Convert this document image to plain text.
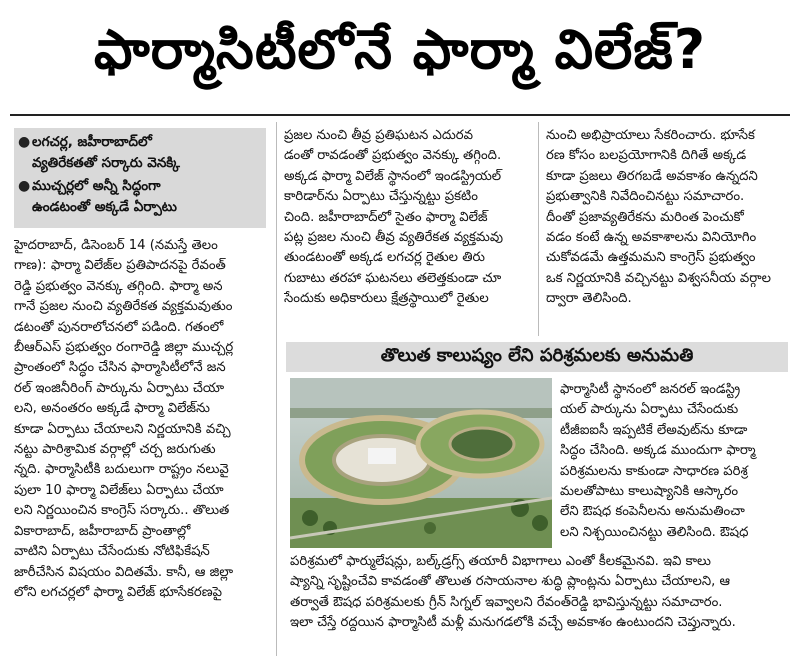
ఫార్మాసిటీలోనే ఫార్మా విలేజ్?
● లగచర్ల, జహీరాబాద్‌లో
వ్యతిరేకతతో సర్కారు వెనక్కి
● ముచ్చర్లలో అన్నీ సిద్ధంగా
ఉండటంతో అక్కడే ఏర్పాటు
హైదరాబాద్, డిసెంబర్ 14 (నమస్తే తెలం
గాణ): ఫార్మా విలేజ్‌ల ప్రతిపాదనపై రేవంత్
రెడ్డి ప్రభుత్వం వెనక్కు తగ్గింది. ఫార్మా అన
గానే ప్రజల నుంచి వ్యతిరేకత వ్యక్తమవుతుం
డటంతో పునరాలోచనలో పడింది. గతంలో
బీఆర్‌ఎస్ ప్రభుత్వం రంగారెడ్డి జిల్లా ముచ్చర్ల
ప్రాంతంలో సిద్ధం చేసిన ఫార్మాసిటీలోనే జన
రల్ ఇంజినీరింగ్ పార్కును ఏర్పాటు చేయా
లని, అనంతరం అక్కడే ఫార్మా విలేజ్‌ను
కూడా ఏర్పాటు చేయాలని నిర్ణయానికి వచ్చి
నట్టు పారిశ్రామిక వర్గాల్లో చర్చ జరుగుతు
న్నది. ఫార్మాసిటీకి బదులుగా రాష్ట్రం నలువై
పులా 10 ఫార్మా విలేజ్‌లు ఏర్పాటు చేయా
లని నిర్ణయించిన కాంగ్రెస్ సర్కారు.. తొలుత
వికారాబాద్, జహీరాబాద్ ప్రాంతాల్లో
వాటిని ఏర్పాటు చేసేందుకు నోటిఫికేషన్
జారీచేసిన విషయం విదితమే. కానీ, ఆ జిల్లా
లోని లగచర్లలో ఫార్మా విలేజ్ భూసేకరణపై
ప్రజల నుంచి తీవ్ర ప్రతిఘటన ఎదురవ
డంతో రావడంతో ప్రభుత్వం వెనక్కు తగ్గింది.
అక్కడ ఫార్మా విలేజ్ స్థానంలో ఇండస్ట్రియల్
కారిడార్‌ను ఏర్పాటు చేస్తున్నట్టు ప్రకటిం
చింది. జహీరాబాద్‌లో సైతం ఫార్మా విలేజ్
పట్ల ప్రజల నుంచి తీవ్ర వ్యతిరేకత వ్యక్తమవు
తుండటంతో అక్కడ లగచర్ల రైతుల తిరు
గుబాటు తరహా ఘటనలు తలెత్తకుండా చూ
సేందుకు అధికారులు క్షేత్రస్థాయిలో రైతుల
నుంచి అభిప్రాయాలు సేకరించారు. భూసేక
రణ కోసం బలప్రయోగానికి దిగితే అక్కడ
కూడా ప్రజలు తిరగబడే అవకాశం ఉన్నదని
ప్రభుత్వానికి నివేదించినట్టు సమాచారం.
దీంతో ప్రజావ్యతిరేకను మరింత పెంచుకో
వడం కంటే ఉన్న అవకాశాలను వినియోగిం
చుకోవడమే ఉత్తమమని కాంగ్రెస్ ప్రభుత్వం
ఒక నిర్ణయానికి వచ్చినట్టు విశ్వసనీయ వర్గాల
ద్వారా తెలిసింది.
తొలుత కాలుష్యం లేని పరిశ్రమలకు అనుమతి
ఫార్మాసిటీ స్థానంలో జనరల్ ఇండస్ట్రి
యల్ పార్కును ఏర్పాటు చేసేందుకు
టీజీఐఐసీ ఇప్పటికే లేఅవుట్‌ను కూడా
సిద్ధం చేసింది. అక్కడ ముందుగా ఫార్మా
పరిశ్రమలను కాకుండా సాధారణ పరిశ్ర
మలతోపాటు కాలుష్యానికి ఆస్కారం
లేని ఔషధ కంపెనీలను అనుమతించా
లని నిశ్చయించినట్టు తెలిసింది. ఔషధ
పరిశ్రమలో ఫార్ములేషన్లు, బల్క్‌డ్రగ్స్ తయారీ విభాగాలు ఎంతో కీలకమైనవి. ఇవి కాలు
ష్యాన్ని సృష్టించేవి కావడంతో తొలుత రసాయనాల శుద్ధి ప్లాంట్లను ఏర్పాటు చేయాలని, ఆ
తర్వాతే ఔషధ పరిశ్రమలకు గ్రీన్ సిగ్నల్ ఇవ్వాలని రేవంత్‌రెడ్డి భావిస్తున్నట్టు సమాచారం.
ఇలా చేస్తే రద్దయిన ఫార్మాసిటీ మళ్లీ మనుగడలోకి వచ్చే అవకాశం ఉంటుందని చెప్తున్నారు.
